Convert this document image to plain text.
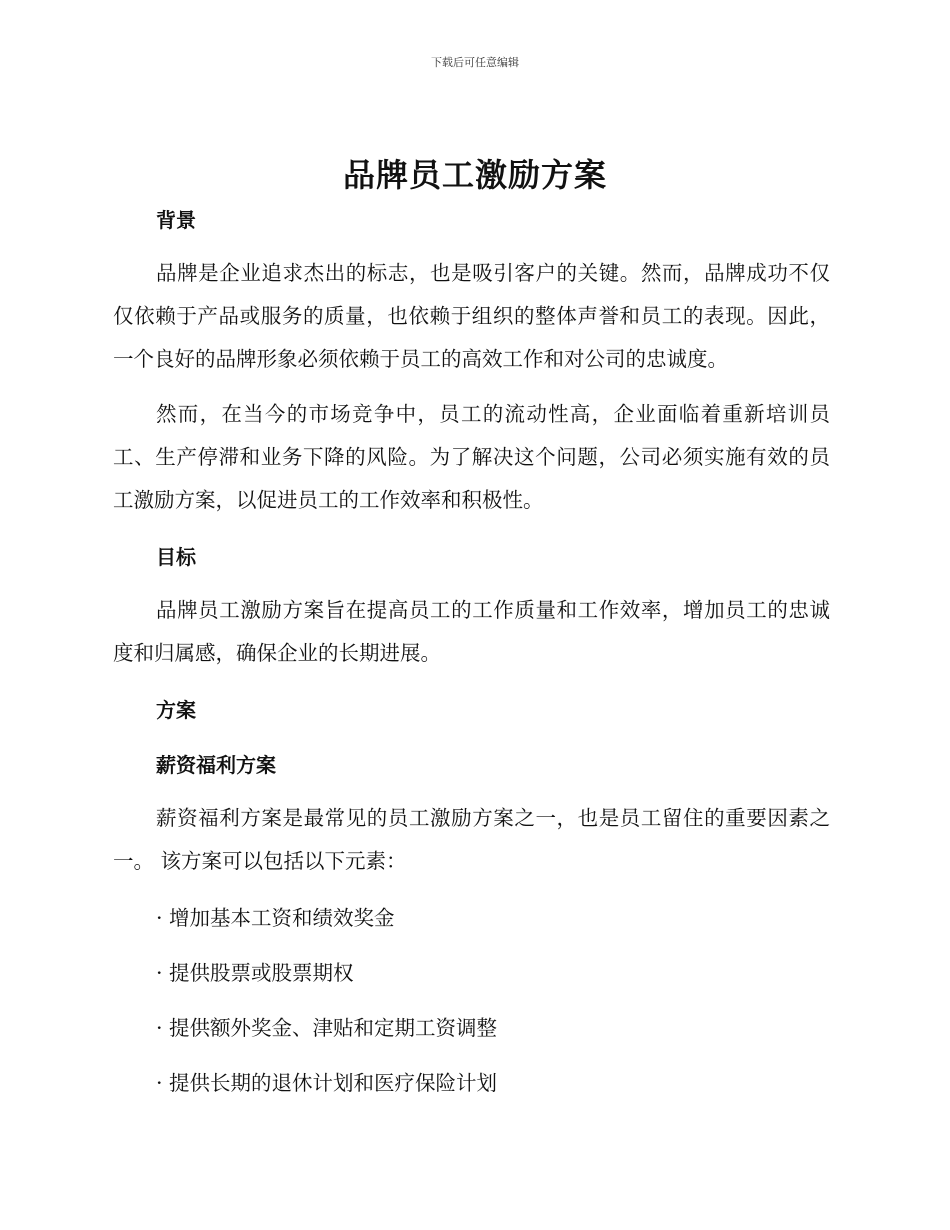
下载后可任意编辑
品牌员工激励方案
背景

品牌是企业追求杰出的标志，也是吸引客户的关键。然而，品牌成功不仅仅依赖于产品或服务的质量，也依赖于组织的整体声誉和员工的表现。因此，一个良好的品牌形象必须依赖于员工的高效工作和对公司的忠诚度。

然而，在当今的市场竞争中，员工的流动性高，企业面临着重新培训员工、生产停滞和业务下降的风险。为了解决这个问题，公司必须实施有效的员工激励方案，以促进员工的工作效率和积极性。

目标

品牌员工激励方案旨在提高员工的工作质量和工作效率，增加员工的忠诚度和归属感，确保企业的长期进展。

方案
薪资福利方案

薪资福利方案是最常见的员工激励方案之一，也是员工留住的重要因素之一。 该方案可以包括以下元素：

· 增加基本工资和绩效奖金
· 提供股票或股票期权
· 提供额外奖金、津贴和定期工资调整
· 提供长期的退休计划和医疗保险计划
